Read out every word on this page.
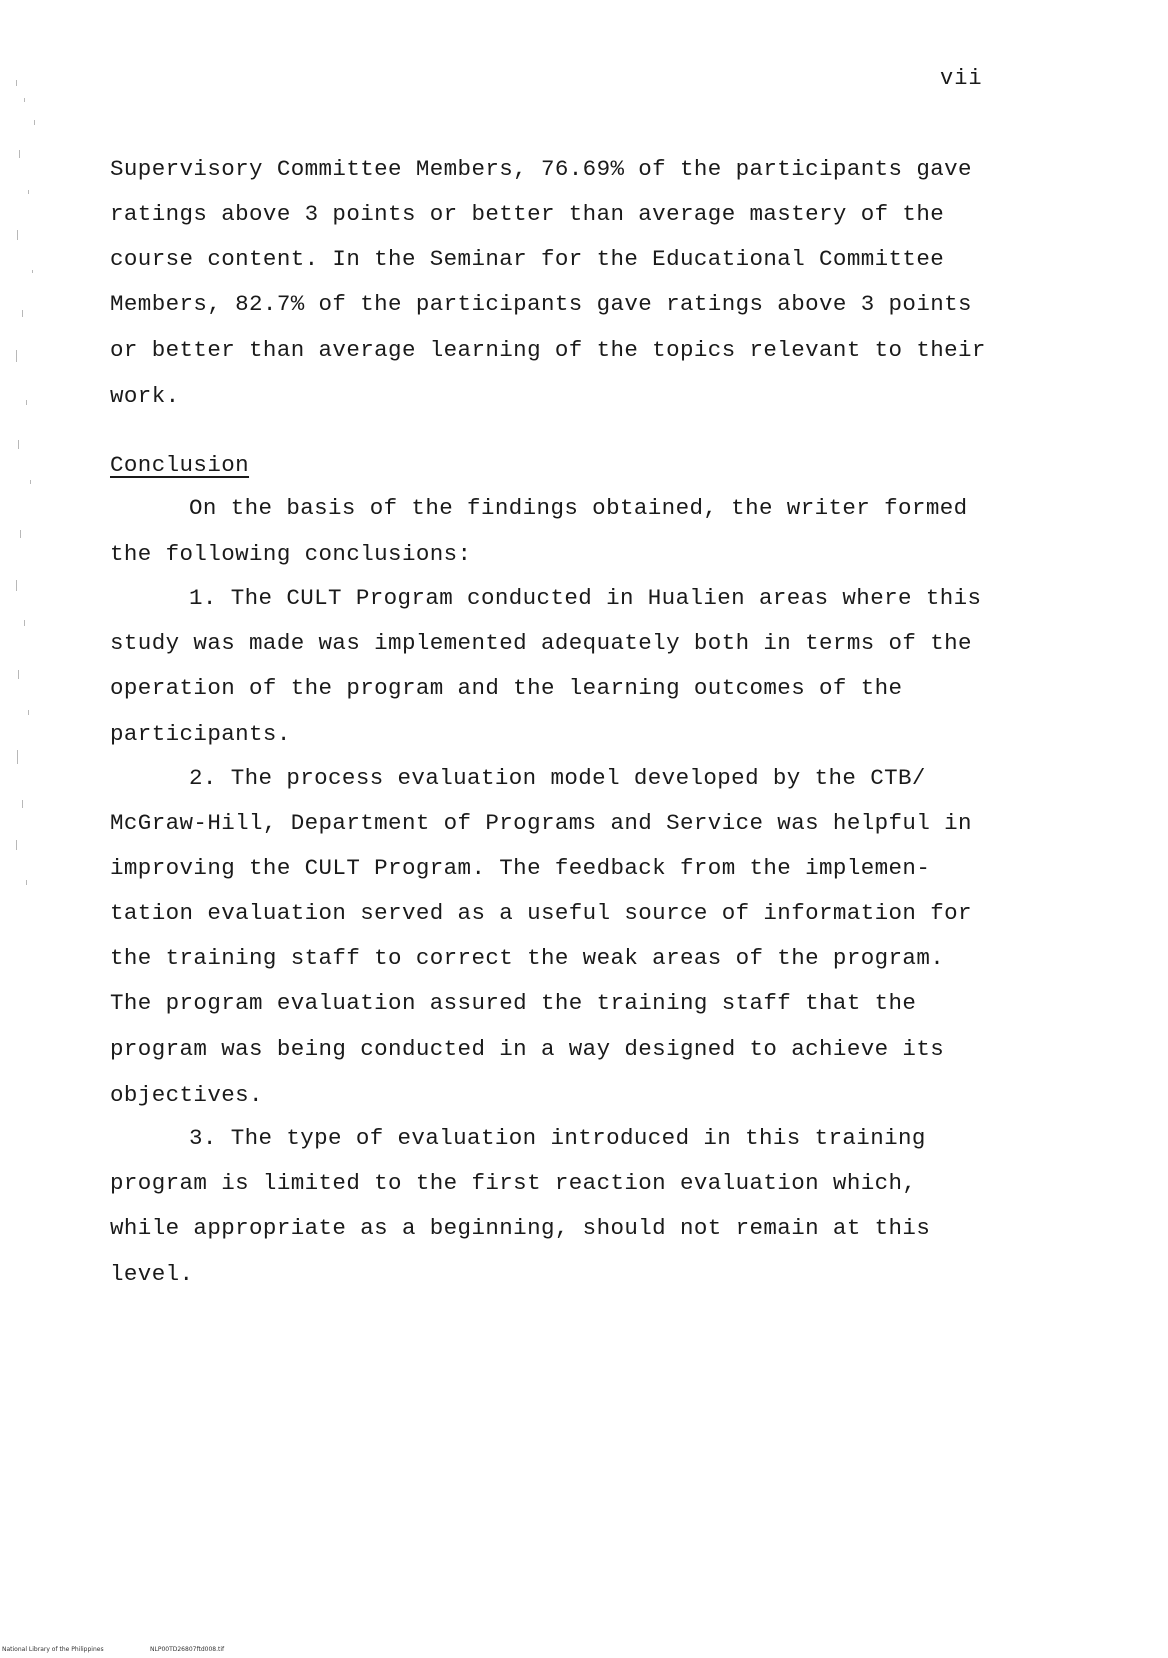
vii
Supervisory Committee Members, 76.69% of the participants gave
ratings above 3 points or better than average mastery of the
course content. In the Seminar for the Educational Committee
Members, 82.7% of the participants gave ratings above 3 points
or better than average learning of the topics relevant to their
work.
Conclusion
On the basis of the findings obtained, the writer formed
the following conclusions:
1. The CULT Program conducted in Hualien areas where this
study was made was implemented adequately both in terms of the
operation of the program and the learning outcomes of the
participants.
2. The process evaluation model developed by the CTB/
McGraw-Hill, Department of Programs and Service was helpful in
improving the CULT Program. The feedback from the implemen-
tation evaluation served as a useful source of information for
the training staff to correct the weak areas of the program.
The program evaluation assured the training staff that the
program was being conducted in a way designed to achieve its
objectives.
3. The type of evaluation introduced in this training
program is limited to the first reaction evaluation which,
while appropriate as a beginning, should not remain at this
level.
National Library of the Philippines	NLP00TD26807ftd008.tif
